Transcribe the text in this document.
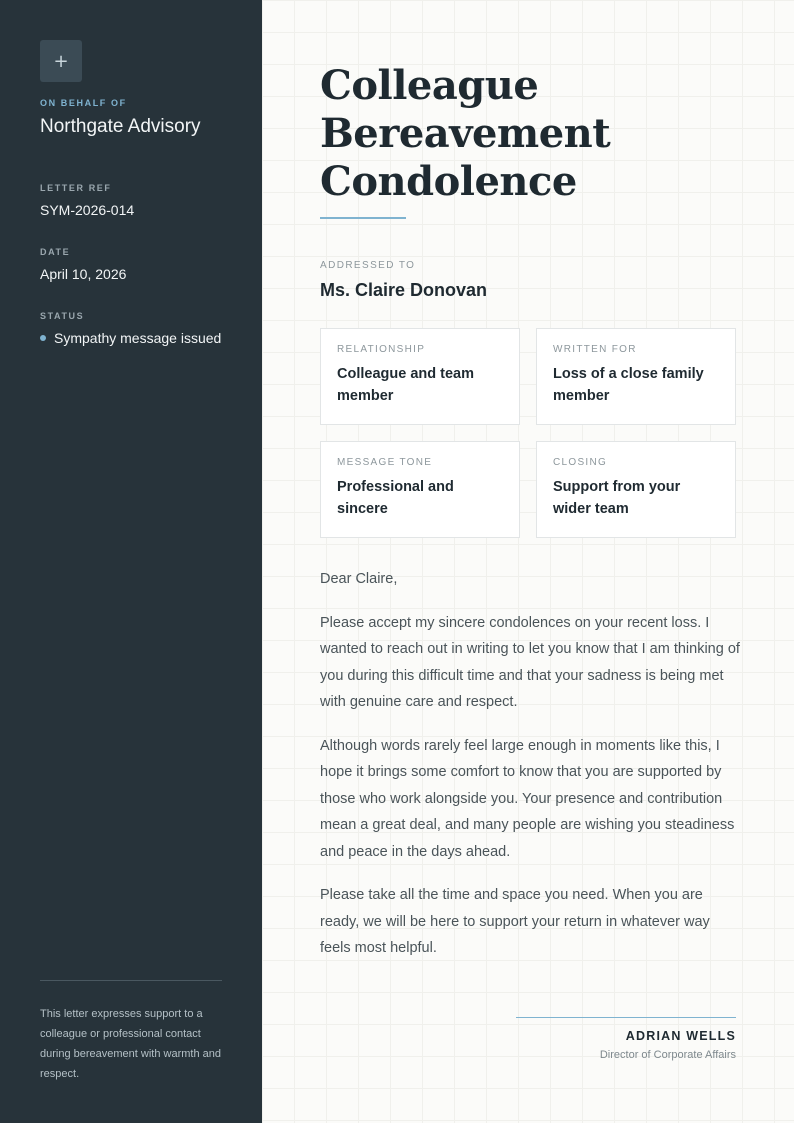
+
ON BEHALF OF
Northgate Advisory
LETTER REF
SYM-2026-014
DATE
April 10, 2026
STATUS
Sympathy message issued
This letter expresses support to a colleague or professional contact during bereavement with warmth and respect.
Colleague Bereavement Condolence
ADDRESSED TO
Ms. Claire Donovan
RELATIONSHIP
Colleague and team member
WRITTEN FOR
Loss of a close family member
MESSAGE TONE
Professional and sincere
CLOSING
Support from your wider team

Dear Claire,

Please accept my sincere condolences on your recent loss. I wanted to reach out in writing to let you know that I am thinking of you during this difficult time and that your sadness is being met with genuine care and respect.

Although words rarely feel large enough in moments like this, I hope it brings some comfort to know that you are supported by those who work alongside you. Your presence and contribution mean a great deal, and many people are wishing you steadiness and peace in the days ahead.

Please take all the time and space you need. When you are ready, we will be here to support your return in whatever way feels most helpful.

ADRIAN WELLS
Director of Corporate Affairs
